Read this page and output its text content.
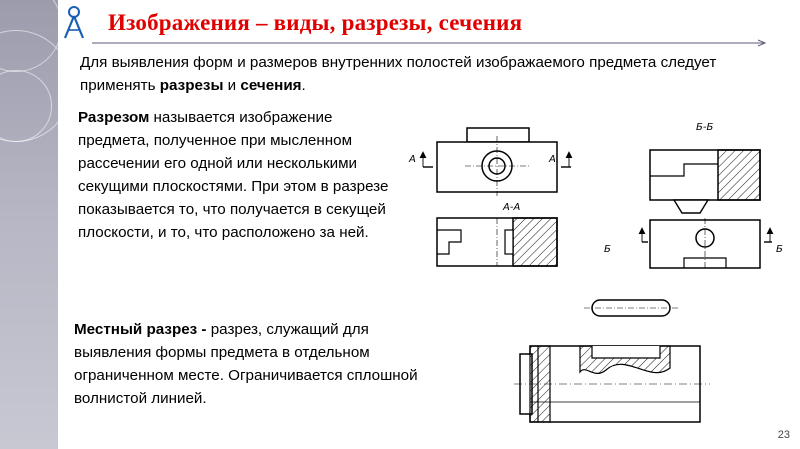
Изображения – виды, разрезы, сечения
Для выявления форм и размеров внутренних полостей изображаемого предмета следует применять разрезы и сечения.
Разрезом называется изображение предмета, полученное при мысленном рассечении его одной или несколькими секущими плоскостями. При этом в разрезе показывается то, что получается в секущей плоскости, и то, что расположено за ней.
Местный разрез - разрез, служащий для выявления формы предмета в отдельном ограниченном месте. Ограничивается сплошной волнистой линией.
А	А
А-А
Б-Б
Б	Б
23
